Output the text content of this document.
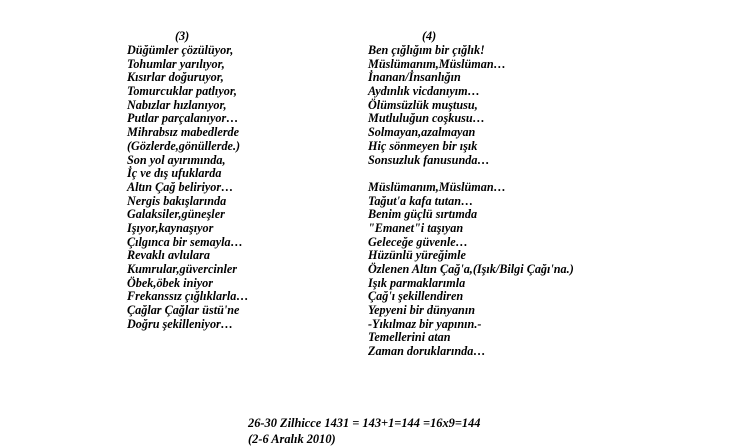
(3)	(4)
Düğümler çözülüyor,
Tohumlar yarılıyor,
Kısırlar doğuruyor,
Tomurcuklar patlıyor,
Nabızlar hızlanıyor,
Putlar parçalanıyor…
Mihrabsız mabedlerde
(Gözlerde,gönüllerde.)
Son yol ayırımında,
İç ve dış ufuklarda
Altın Çağ beliriyor…
Nergis bakışlarında
Galaksiler,güneşler
Işıyor,kaynaşıyor
Çılgınca bir semayla…
Revaklı avlulara
Kumrular,güvercinler
Öbek,öbek iniyor
Frekanssız çığlıklarla…
Çağlar Çağlar üstü'ne
Doğru şekilleniyor…
Ben çığlığım bir çığlık!
Müslümanım,Müslüman…
İnanan/İnsanlığın
Aydınlık vicdanıyım…
Ölümsüzlük muştusu,
Mutluluğun coşkusu…
Solmayan,azalmayan
Hiç sönmeyen bir ışık
Sonsuzluk fanusunda…
Müslümanım,Müslüman…
Tağut'a kafa tutan…
Benim güçlü sırtımda
"Emanet"i taşıyan
Geleceğe güvenle…
Hüzünlü yüreğimle
Özlenen Altın Çağ'a,(Işık/Bilgi Çağı'na.)
Işık parmaklarımla
Çağ'ı şekillendiren
Yepyeni bir dünyanın
-Yıkılmaz bir yapının.-
Temellerini atan
Zaman doruklarında…
26-30 Zilhicce 1431 = 143+1=144 =16x9=144
(2-6 Aralık 2010)
